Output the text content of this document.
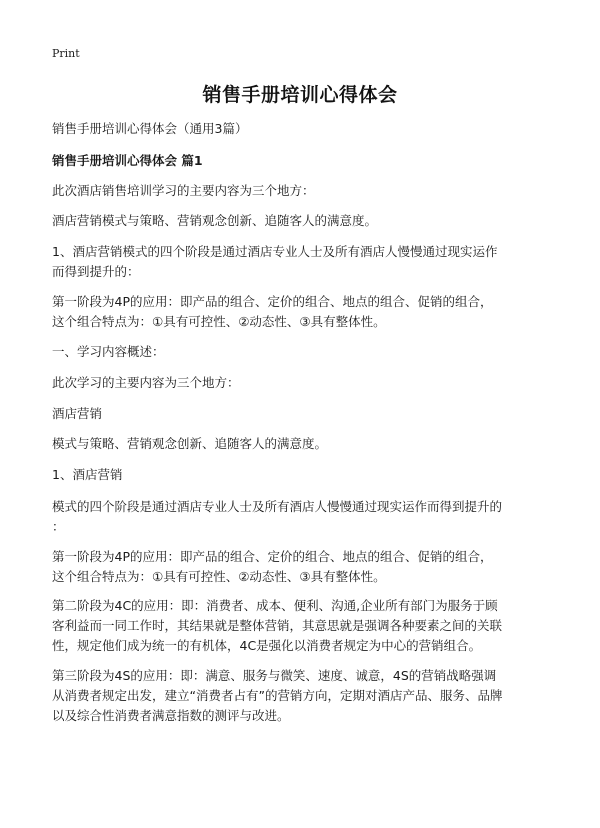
Print
销售手册培训心得体会
销售手册培训心得体会（通用3篇）
销售手册培训心得体会 篇1
此次酒店销售培训学习的主要内容为三个地方：
酒店营销模式与策略、营销观念创新、追随客人的满意度。
1、酒店营销模式的四个阶段是通过酒店专业人士及所有酒店人慢慢通过现实运作
而得到提升的：
第一阶段为4P的应用：即产品的组合、定价的组合、地点的组合、促销的组合，
这个组合特点为：①具有可控性、②动态性、③具有整体性。
一、学习内容概述：
此次学习的主要内容为三个地方：
酒店营销
模式与策略、营销观念创新、追随客人的满意度。
1、酒店营销
模式的四个阶段是通过酒店专业人士及所有酒店人慢慢通过现实运作而得到提升的
：
第一阶段为4P的应用：即产品的组合、定价的组合、地点的组合、促销的组合，
这个组合特点为：①具有可控性、②动态性、③具有整体性。
第二阶段为4C的应用：即：消费者、成本、便利、沟通,企业所有部门为服务于顾
客利益而一同工作时，其结果就是整体营销，其意思就是强调各种要素之间的关联
性，规定他们成为统一的有机体，4C是强化以消费者规定为中心的营销组合。
第三阶段为4S的应用：即：满意、服务与微笑、速度、诚意，4S的营销战略强调
从消费者规定出发，建立“消费者占有”的营销方向，定期对酒店产品、服务、品牌
以及综合性消费者满意指数的测评与改进。
